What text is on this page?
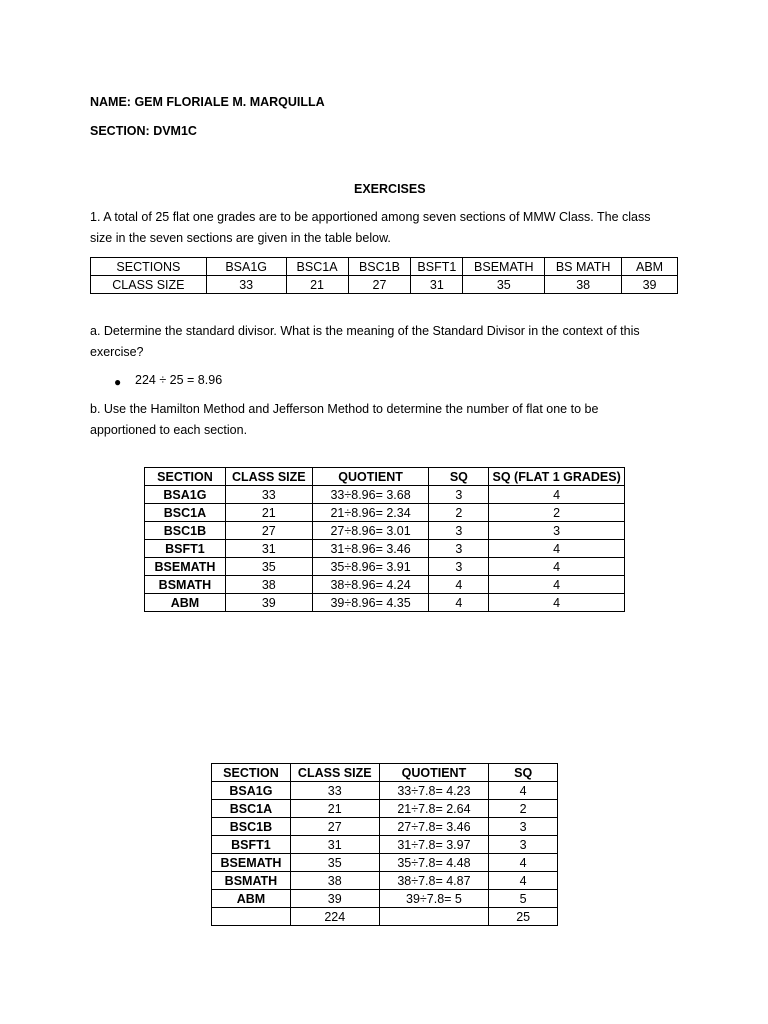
NAME: GEM FLORIALE M. MARQUILLA

SECTION: DVM1C

EXERCISES

1. A total of 25 flat one grades are to be apportioned among seven sections of MMW Class. The class

size in the seven sections are given in the table below.

SECTIONS	BSA1G	BSC1A	BSC1B	BSFT1	BSEMATH	BS MATH	ABM
CLASS SIZE	33	21	27	31	35	38	39

a. Determine the standard divisor. What is the meaning of the Standard Divisor in the context of this

exercise?

● 224 ÷ 25 = 8.96

b. Use the Hamilton Method and Jefferson Method to determine the number of flat one to be

apportioned to each section.

SECTION	CLASS SIZE	QUOTIENT	SQ	SQ (FLAT 1 GRADES)
BSA1G	33	33÷8.96= 3.68	3	4
BSC1A	21	21÷8.96= 2.34	2	2
BSC1B	27	27÷8.96= 3.01	3	3
BSFT1	31	31÷8.96= 3.46	3	4
BSEMATH	35	35÷8.96= 3.91	3	4
BSMATH	38	38÷8.96= 4.24	4	4
ABM	39	39÷8.96= 4.35	4	4
SECTION	CLASS SIZE	QUOTIENT	SQ
BSA1G	33	33÷7.8= 4.23	4
BSC1A	21	21÷7.8= 2.64	2
BSC1B	27	27÷7.8= 3.46	3
BSFT1	31	31÷7.8= 3.97	3
BSEMATH	35	35÷7.8= 4.48	4
BSMATH	38	38÷7.8= 4.87	4
ABM	39	39÷7.8= 5	5
	224		25
